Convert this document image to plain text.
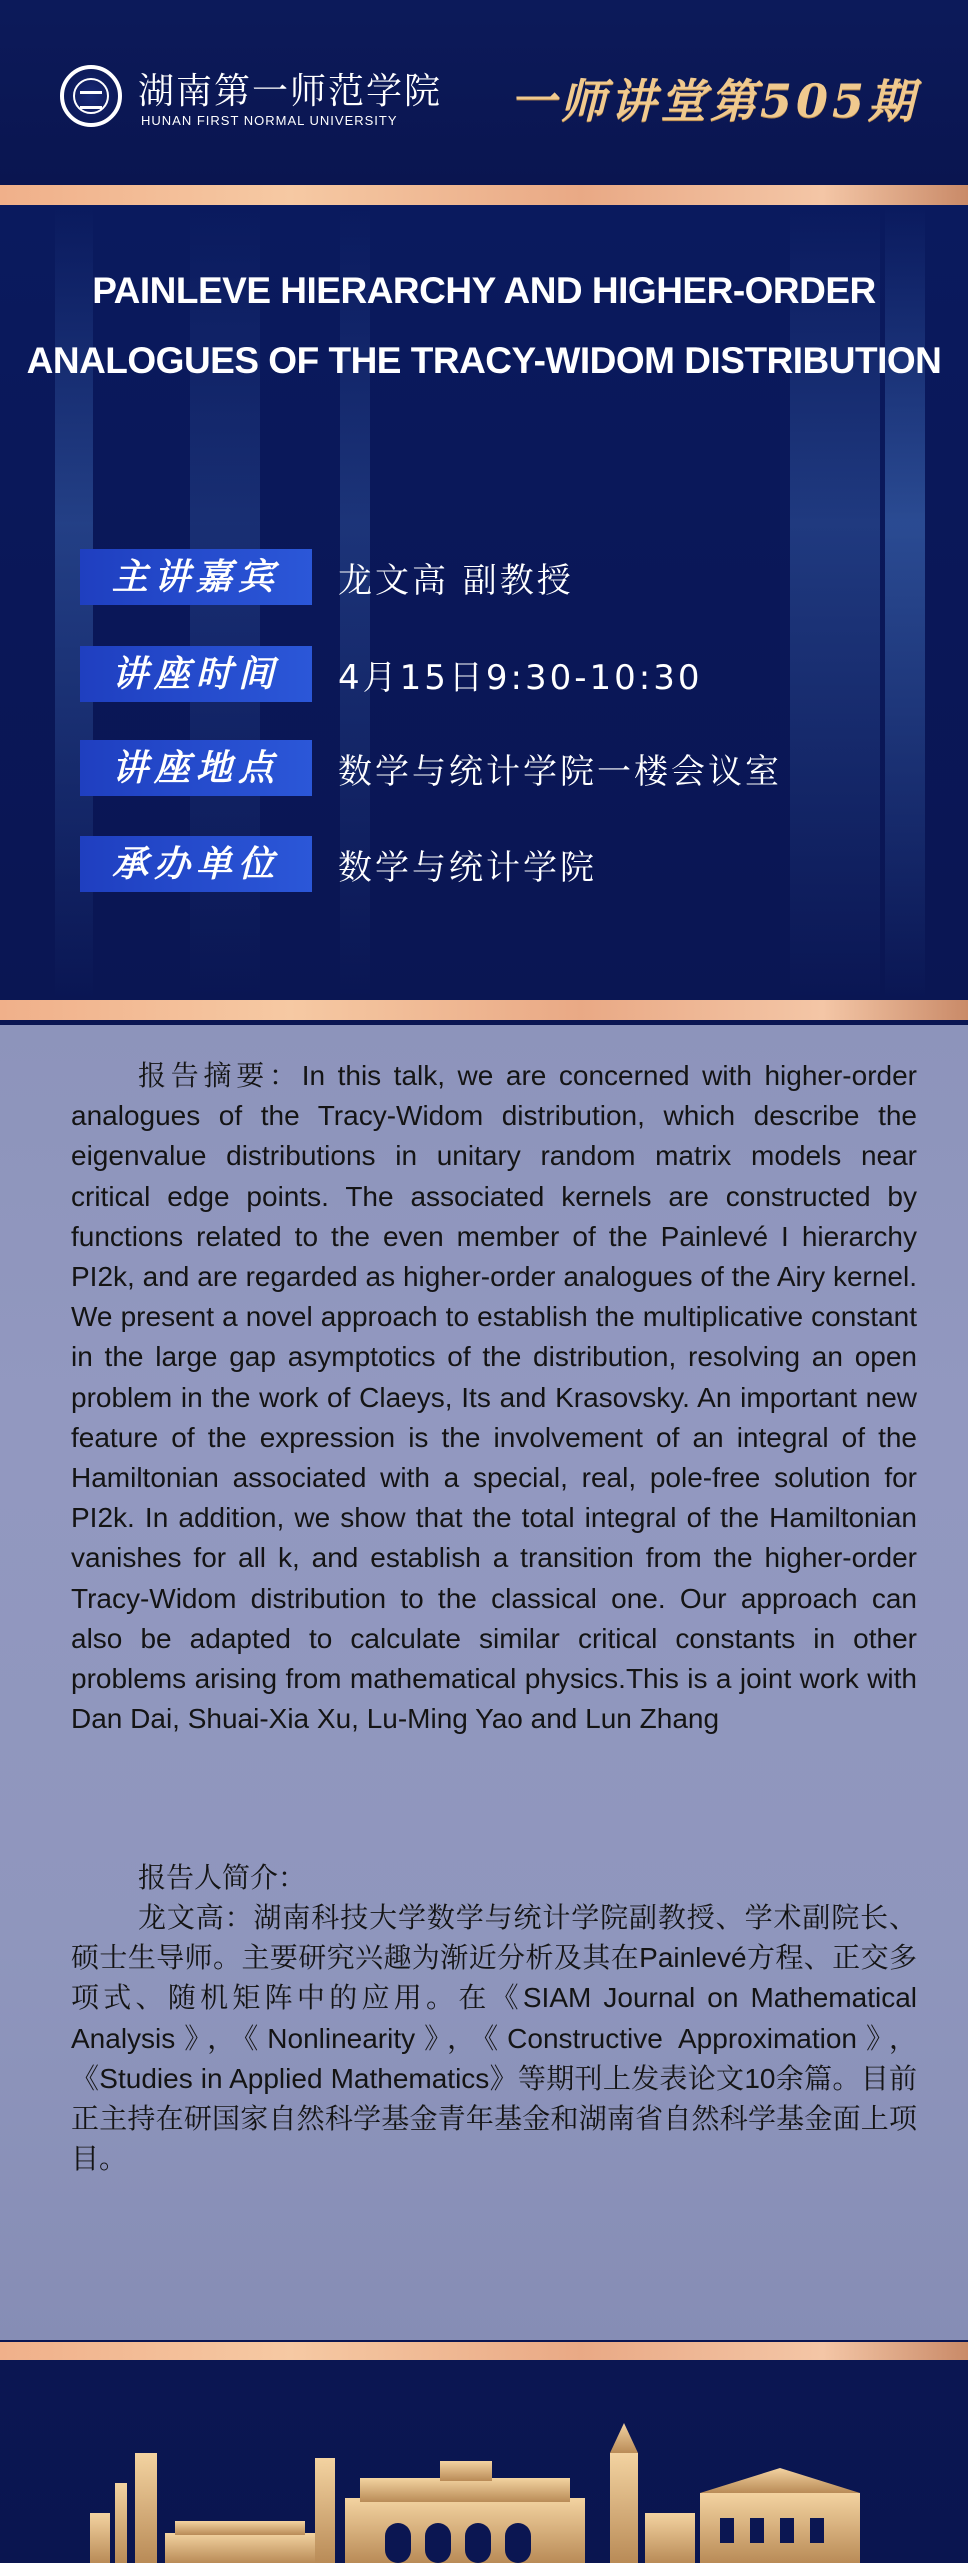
湖南第一师范学院
HUNAN FIRST NORMAL UNIVERSITY 一师讲堂第505期
PAINLEVE HIERARCHY AND HIGHER-ORDER
ANALOGUES OF THE TRACY-WIDOM DISTRIBUTION
主讲嘉宾	龙文高 副教授
讲座时间	4月15日9:30-10:30
讲座地点	数学与统计学院一楼会议室
承办单位	数学与统计学院

报告摘要：In this talk, we are concerned with higher-order analogues of the Tracy-Widom distribution, which describe the eigenvalue distributions in unitary random matrix models near critical edge points. The associated kernels are constructed by functions related to the even member of the Painlevé I hierarchy PI2k, and are regarded as higher-order analogues of the Airy kernel. We present a novel approach to establish the multiplicative constant in the large gap asymptotics of the distribution, resolving an open problem in the work of Claeys, Its and Krasovsky. An important new feature of the expression is the involvement of an integral of the Hamiltonian associated with a special, real, pole-free solution for PI2k. In addition, we show that the total integral of the Hamiltonian vanishes for all k, and establish a transition from the higher-order Tracy-Widom distribution to the classical one. Our approach can also be adapted to calculate similar critical constants in other problems arising from mathematical physics.This is a joint work with Dan Dai, Shuai-Xia Xu, Lu-Ming Yao and Lun Zhang

报告人简介：

龙文高：湖南科技大学数学与统计学院副教授、学术副院长、硕士生导师。主要研究兴趣为渐近分析及其在Painlevé方程、正交多项式、随机矩阵中的应用。在《SIAM Journal on Mathematical Analysis》，《Nonlinearity》，《Constructive Approximation》，《Studies in Applied Mathematics》等期刊上发表论文10余篇。目前正主持在研国家自然科学基金青年基金和湖南省自然科学基金面上项目。
